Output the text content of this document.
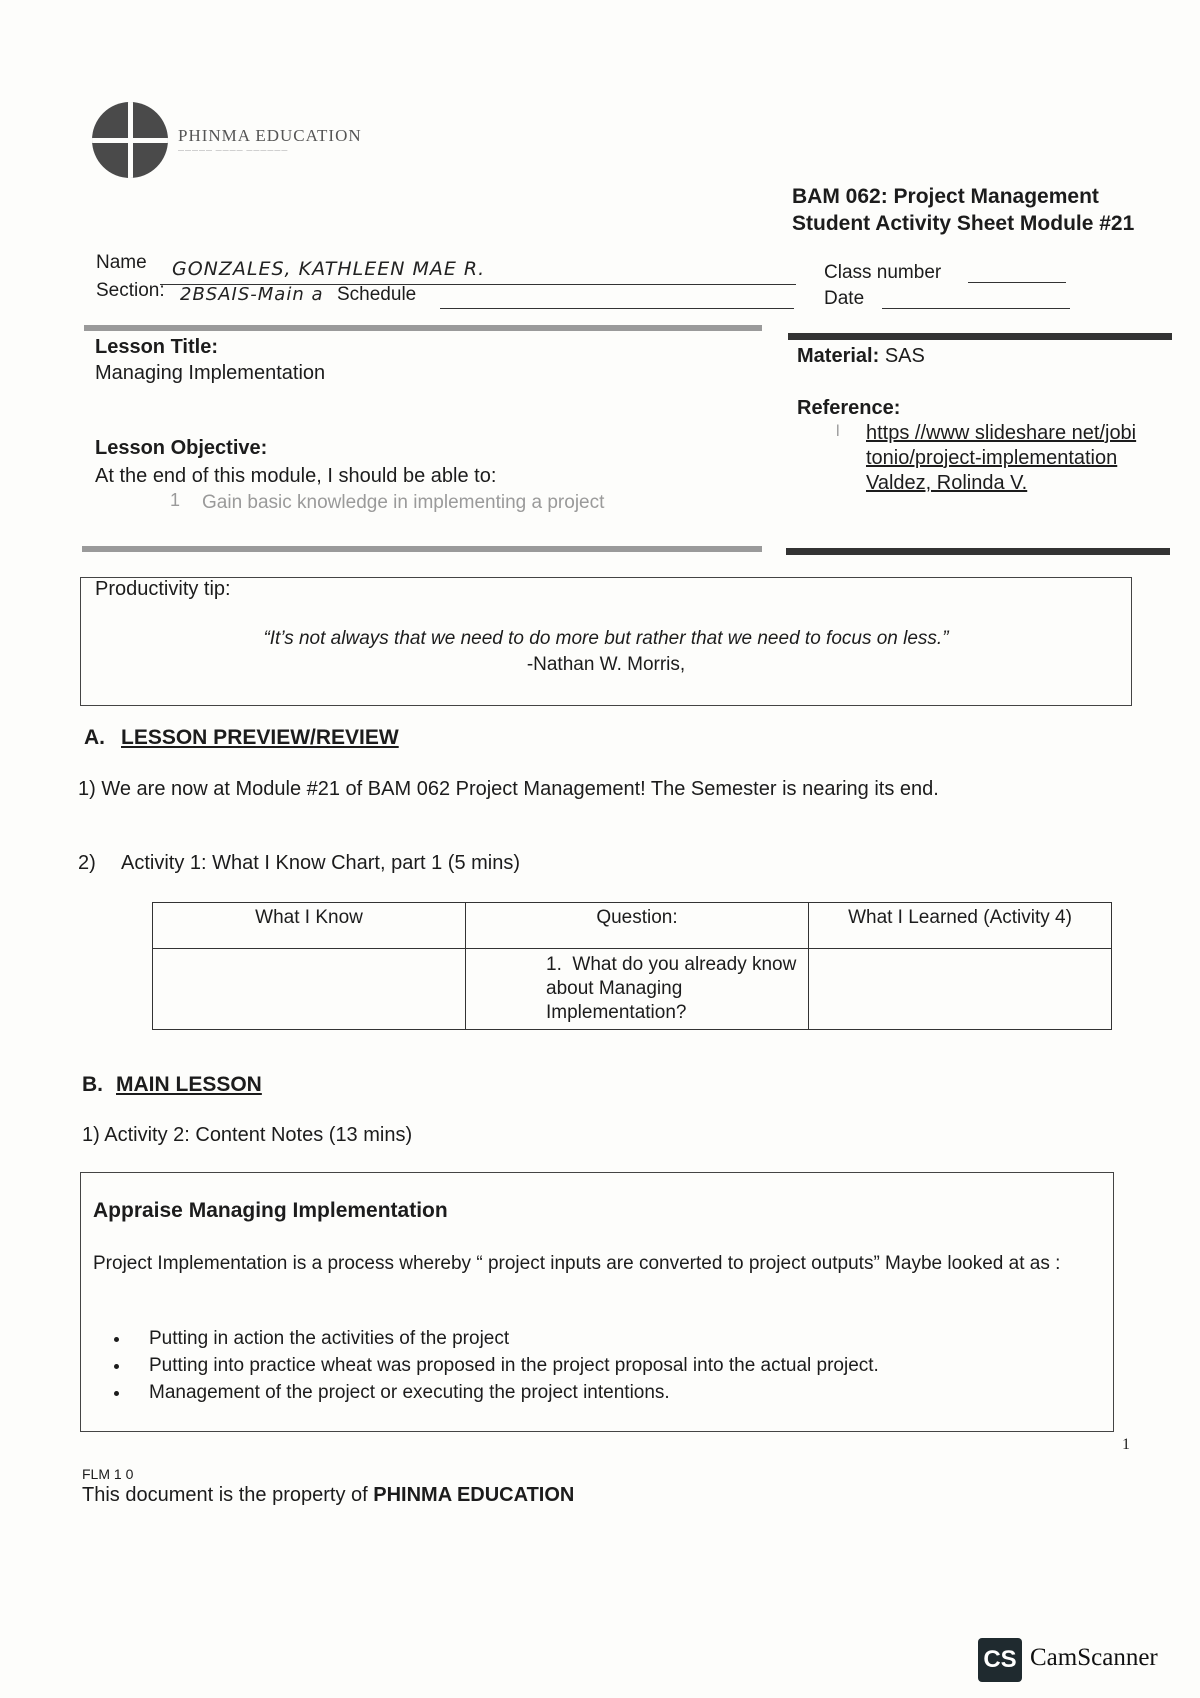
PHINMA EDUCATION
————— ———— ——————
BAM 062: Project Management
Student Activity Sheet Module #21
Name GONZALES, KATHLEEN MAE R.
Section: 2BSAIS-Main a Schedule
Class number
Date
Lesson Title:
Managing Implementation
Lesson Objective:
At the end of this module, I should be able to:
1 Gain basic knowledge in implementing a project
Material: SAS
Reference:
l https //www slideshare net/jobi
tonio/project-implementation
Valdez, Rolinda V.
Productivity tip:
“It’s not always that we need to do more but rather that we need to focus on less.”
-Nathan W. Morris,
A. LESSON PREVIEW/REVIEW
1) We are now at Module #21 of BAM 062 Project Management! The Semester is nearing its end.
2) Activity 1: What I Know Chart, part 1 (5 mins)
What I Know	Question:	What I Learned (Activity 4)
	1. What do you already know about Managing Implementation?	
B. MAIN LESSON
1) Activity 2: Content Notes (13 mins)
Appraise Managing Implementation
Project Implementation is a process whereby “ project inputs are converted to project outputs” Maybe looked at as :
• Putting in action the activities of the project
• Putting into practice wheat was proposed in the project proposal into the actual project.
• Management of the project or executing the project intentions.
1
FLM 1 0
This document is the property of PHINMA EDUCATION
CS CamScanner
